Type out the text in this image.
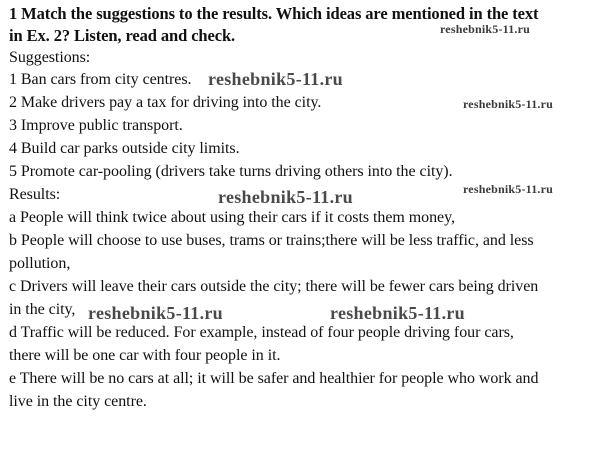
1 Match the suggestions to the results. Which ideas are mentioned in the text
in Ex. 2? Listen, read and check.
Suggestions:
1 Ban cars from city centres.
2 Make drivers pay a tax for driving into the city.
3 Improve public transport.
4 Build car parks outside city limits.
5 Promote car-pooling (drivers take turns driving others into the city).
Results:
a People will think twice about using their cars if it costs them money,
b People will choose to use buses, trams or trains;there will be less traffic, and less
pollution,
c Drivers will leave their cars outside the city; there will be fewer cars being driven
in the city,
d Traffic will be reduced. For example, instead of four people driving four cars,
there will be one car with four people in it.
e There will be no cars at all; it will be safer and healthier for people who work and
live in the city centre.
reshebnik5-11.ru
reshebnik5-11.ru
reshebnik5-11.ru
reshebnik5-11.ru
reshebnik5-11.ru
reshebnik5-11.ru	reshebnik5-11.ru
